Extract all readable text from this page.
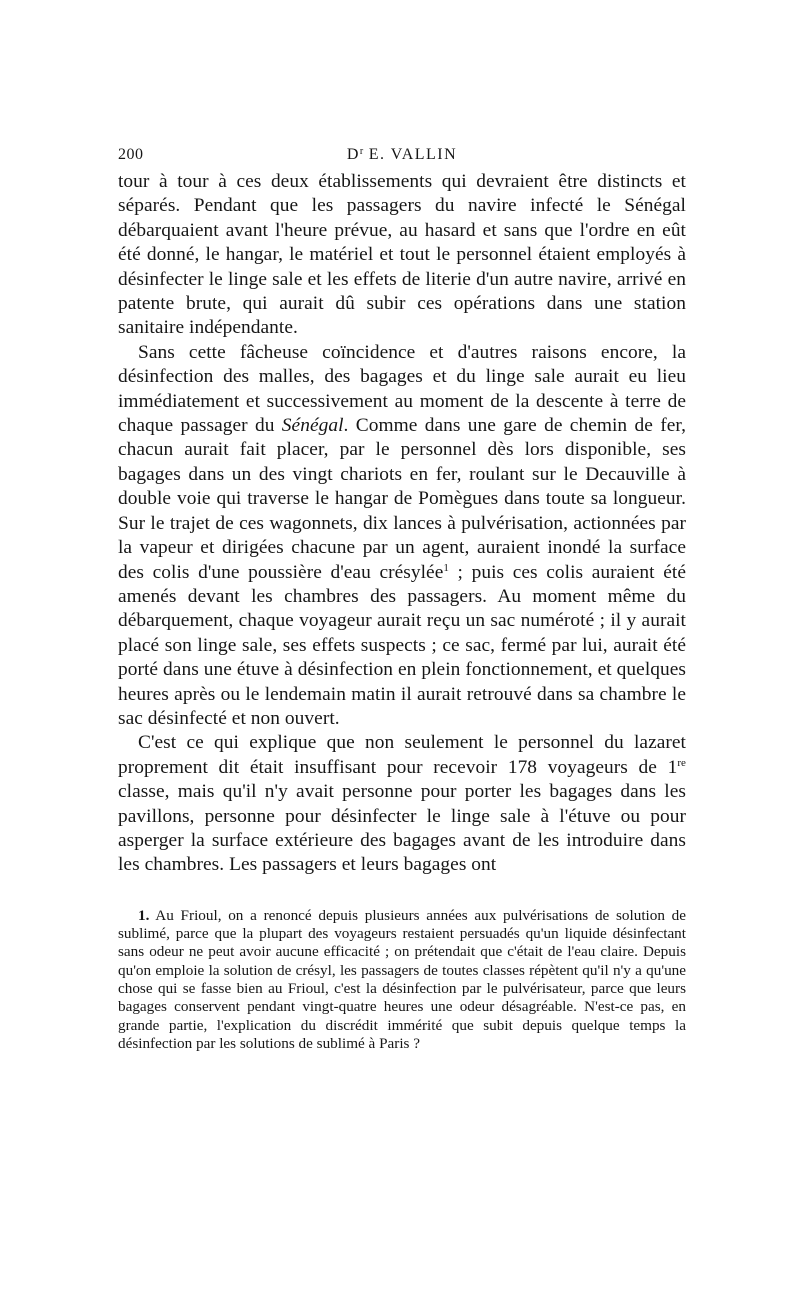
200	$D^r$ E. VALLIN

tour à tour à ces deux établissements qui devraient être distincts et séparés. Pendant que les passagers du navire infecté le Sénégal débarquaient avant l'heure prévue, au hasard et sans que l'ordre en eût été donné, le hangar, le matériel et tout le personnel étaient employés à désinfecter le linge sale et les effets de literie d'un autre navire, arrivé en patente brute, qui aurait dû subir ces opérations dans une station sanitaire indépendante.

Sans cette fâcheuse coïncidence et d'autres raisons encore, la désinfection des malles, des bagages et du linge sale aurait eu lieu immédiatement et successivement au moment de la descente à terre de chaque passager du Sénégal. Comme dans une gare de chemin de fer, chacun aurait fait placer, par le personnel dès lors disponible, ses bagages dans un des vingt chariots en fer, roulant sur le Decauville à double voie qui traverse le hangar de Pomègues dans toute sa longueur. Sur le trajet de ces wagonnets, dix lances à pulvérisation, actionnées par la vapeur et dirigées chacune par un agent, auraient inondé la surface des colis d'une poussière d'eau crésylée$^1$ ; puis ces colis auraient été amenés devant les chambres des passagers. Au moment même du débarquement, chaque voyageur aurait reçu un sac numéroté ; il y aurait placé son linge sale, ses effets suspects ; ce sac, fermé par lui, aurait été porté dans une étuve à désinfection en plein fonctionnement, et quelques heures après ou le lendemain matin il aurait retrouvé dans sa chambre le sac désinfecté et non ouvert.

C'est ce qui explique que non seulement le personnel du lazaret proprement dit était insuffisant pour recevoir 178 voyageurs de 1re classe, mais qu'il n'y avait personne pour porter les bagages dans les pavillons, personne pour désinfecter le linge sale à l'étuve ou pour asperger la surface extérieure des bagages avant de les introduire dans les chambres. Les passagers et leurs bagages ont

1. Au Frioul, on a renoncé depuis plusieurs années aux pulvérisations de solution de sublimé, parce que la plupart des voyageurs restaient persuadés qu'un liquide désinfectant sans odeur ne peut avoir aucune efficacité ; on prétendait que c'était de l'eau claire. Depuis qu'on emploie la solution de crésyl, les passagers de toutes classes répètent qu'il n'y a qu'une chose qui se fasse bien au Frioul, c'est la désinfection par le pulvérisateur, parce que leurs bagages conservent pendant vingt-quatre heures une odeur désagréable. N'est-ce pas, en grande partie, l'explication du discrédit immérité que subit depuis quelque temps la désinfection par les solutions de sublimé à Paris ?
